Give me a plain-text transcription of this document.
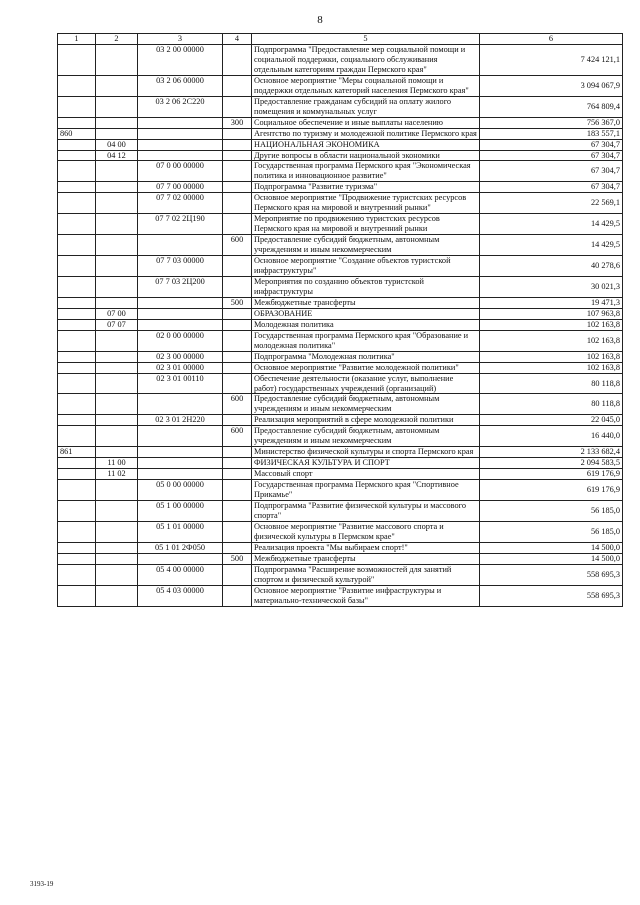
8
1	2	3	4	5	6
		03 2 00 00000		Подпрограмма "Предоставление мер социальной помощи и социальной поддержки, социального обслуживания отдельным категориям граждан Пермского края"	7 424 121,1
		03 2 06 00000		Основное мероприятие "Меры социальной помощи и поддержки отдельных категорий населения Пермского края"	3 094 067,9
		03 2 06 2С220		Предоставление гражданам субсидий на оплату жилого помещения и коммунальных услуг	764 809,4
			300	Социальное обеспечение и иные выплаты населению	756 367,0
860				Агентство по туризму и молодежной политике Пермского края	183 557,1
	04 00			НАЦИОНАЛЬНАЯ ЭКОНОМИКА	67 304,7
	04 12			Другие вопросы в области национальной экономики	67 304,7
		07 0 00 00000		Государственная программа Пермского края "Экономическая политика и инновационное развитие"	67 304,7
		07 7 00 00000		Подпрограмма "Развитие туризма"	67 304,7
		07 7 02 00000		Основное мероприятие "Продвижение туристских ресурсов Пермского края на мировой и внутренний рынки"	22 569,1
		07 7 02 2Ц190		Мероприятие по продвижению туристских ресурсов Пермского края на мировой и внутренний рынки	14 429,5
			600	Предоставление субсидий бюджетным, автономным учреждениям и иным некоммерческим	14 429,5
		07 7 03 00000		Основное мероприятие "Создание объектов туристской инфраструктуры"	40 278,6
		07 7 03 2Ц200		Мероприятия по созданию объектов туристской инфраструктуры	30 021,3
			500	Межбюджетные трансферты	19 471,3
	07 00			ОБРАЗОВАНИЕ	107 963,8
	07 07			Молодежная политика	102 163,8
		02 0 00 00000		Государственная программа Пермского края "Образование и молодежная политика"	102 163,8
		02 3 00 00000		Подпрограмма "Молодежная политика"	102 163,8
		02 3 01 00000		Основное мероприятие "Развитие молодежной политики"	102 163,8
		02 3 01 00110		Обеспечение деятельности (оказание услуг, выполнение работ) государственных учреждений (организаций)	80 118,8
			600	Предоставление субсидий бюджетным, автономным учреждениям и иным некоммерческим	80 118,8
		02 3 01 2Н220		Реализация мероприятий в сфере молодежной политики	22 045,0
			600	Предоставление субсидий бюджетным, автономным учреждениям и иным некоммерческим	16 440,0
861				Министерство физической культуры и спорта Пермского края	2 133 682,4
	11 00			ФИЗИЧЕСКАЯ КУЛЬТУРА И СПОРТ	2 094 583,5
	11 02			Массовый спорт	619 176,9
		05 0 00 00000		Государственная программа Пермского края "Спортивное Прикамье"	619 176,9
		05 1 00 00000		Подпрограмма "Развитие физической культуры и массового спорта"	56 185,0
		05 1 01 00000		Основное мероприятие "Развитие массового спорта и физической культуры в Пермском крае"	56 185,0
		05 1 01 2Ф050		Реализация проекта "Мы выбираем спорт!"	14 500,0
			500	Межбюджетные трансферты	14 500,0
		05 4 00 00000		Подпрограмма "Расширение возможностей для занятий спортом и физической культурой"	558 695,3
		05 4 03 00000		Основное мероприятие "Развитие инфраструктуры и материально-технической базы"	558 695,3
3193-19
